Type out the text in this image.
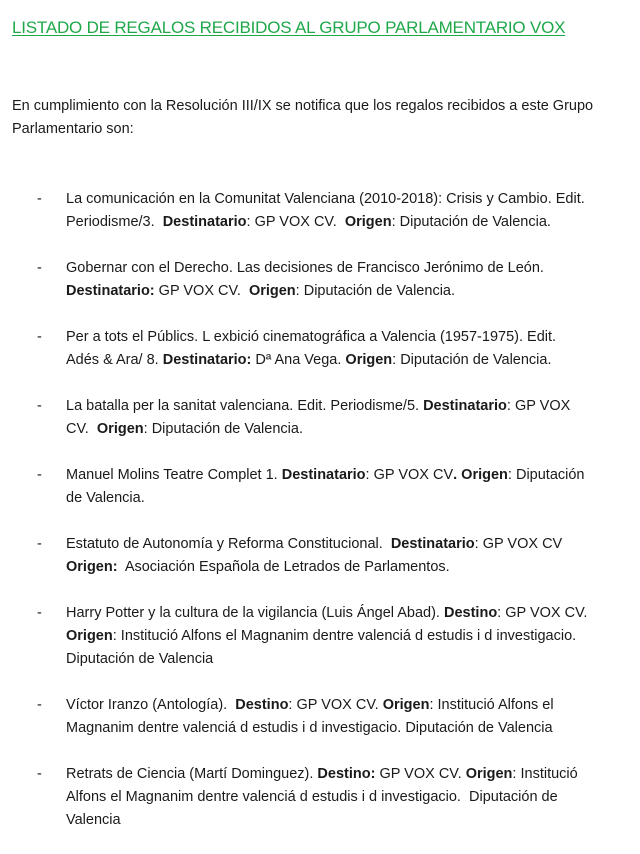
LISTADO DE REGALOS RECIBIDOS AL GRUPO PARLAMENTARIO VOX

En cumplimiento con la Resolución III/IX se notifica que los regalos recibidos a este Grupo Parlamentario son:

- La comunicación en la Comunitat Valenciana (2010-2018): Crisis y Cambio. Edit.
Periodisme/3.  Destinatario: GP VOX CV.  Origen: Diputación de Valencia.
- Gobernar con el Derecho. Las decisiones de Francisco Jerónimo de León.
Destinatario: GP VOX CV.  Origen: Diputación de Valencia.
- Per a tots el Públics. L exbició cinematográfica a Valencia (1957-1975). Edit.
Adés & Ara/ 8. Destinatario: Dª Ana Vega. Origen: Diputación de Valencia.
- La batalla per la sanitat valenciana. Edit. Periodisme/5. Destinatario: GP VOX
CV.  Origen: Diputación de Valencia.
- Manuel Molins Teatre Complet 1. Destinatario: GP VOX CV. Origen: Diputación
de Valencia.
- Estatuto de Autonomía y Reforma Constitucional.  Destinatario: GP VOX CV
Origen:  Asociación Española de Letrados de Parlamentos.
- Harry Potter y la cultura de la vigilancia (Luis Ángel Abad). Destino: GP VOX CV.
Origen: Institució Alfons el Magnanim dentre valenciá d estudis i d investigacio.
Diputación de Valencia
- Víctor Iranzo (Antología).  Destino: GP VOX CV. Origen: Institució Alfons el
Magnanim dentre valenciá d estudis i d investigacio. Diputación de Valencia
- Retrats de Ciencia (Martí Dominguez). Destino: GP VOX CV. Origen: Institució
Alfons el Magnanim dentre valenciá d estudis i d investigacio.  Diputación de
Valencia
